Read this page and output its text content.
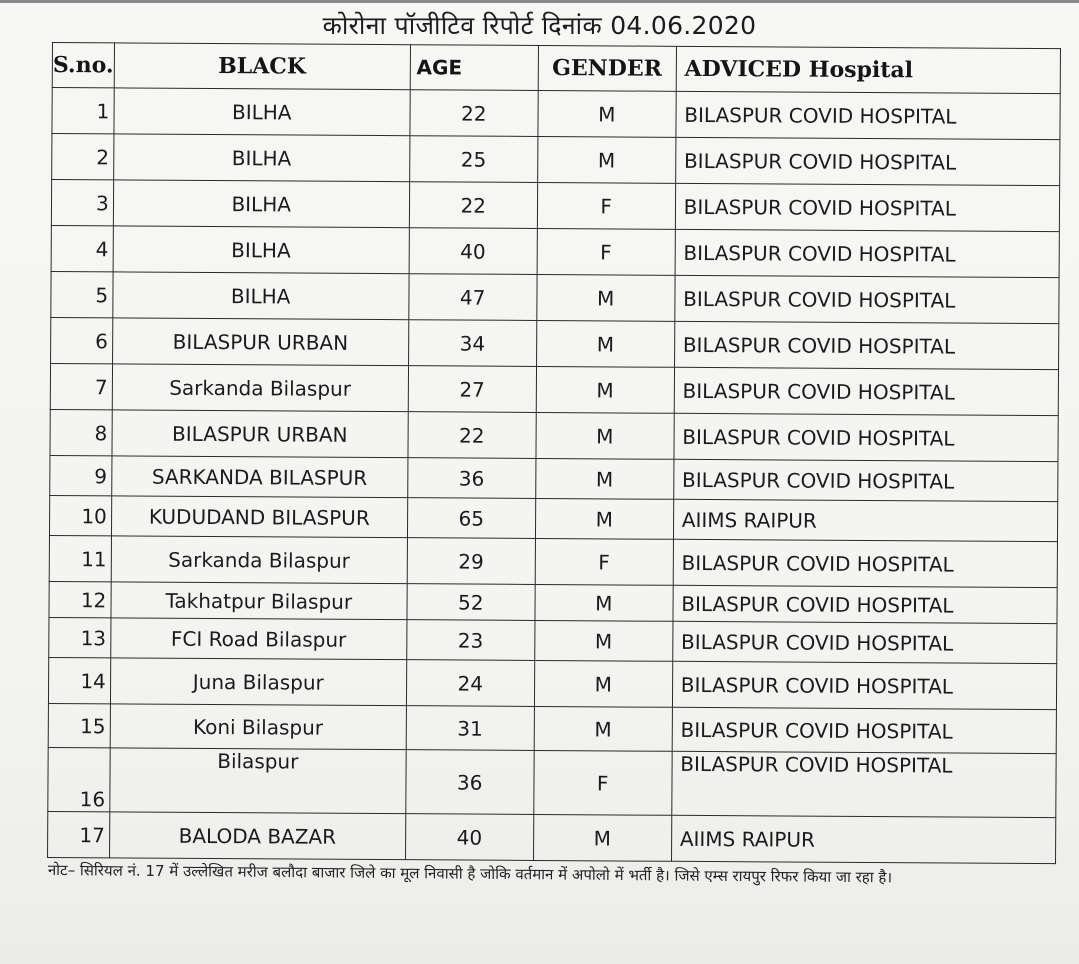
कोरोना पॉजीटिव रिपोर्ट दिनांक 04.06.2020
S.no.	BLACK	AGE	GENDER	ADVICED Hospital
1	BILHA	22	M	BILASPUR COVID HOSPITAL
2	BILHA	25	M	BILASPUR COVID HOSPITAL
3	BILHA	22	F	BILASPUR COVID HOSPITAL
4	BILHA	40	F	BILASPUR COVID HOSPITAL
5	BILHA	47	M	BILASPUR COVID HOSPITAL
6	BILASPUR URBAN	34	M	BILASPUR COVID HOSPITAL
7	Sarkanda Bilaspur	27	M	BILASPUR COVID HOSPITAL
8	BILASPUR URBAN	22	M	BILASPUR COVID HOSPITAL
9	SARKANDA BILASPUR	36	M	BILASPUR COVID HOSPITAL
10	KUDUDAND BILASPUR	65	M	AIIMS RAIPUR
11	Sarkanda Bilaspur	29	F	BILASPUR COVID HOSPITAL
12	Takhatpur Bilaspur	52	M	BILASPUR COVID HOSPITAL
13	FCI Road Bilaspur	23	M	BILASPUR COVID HOSPITAL
14	Juna Bilaspur	24	M	BILASPUR COVID HOSPITAL
15	Koni Bilaspur	31	M	BILASPUR COVID HOSPITAL
16	Bilaspur	36	F	BILASPUR COVID HOSPITAL
17	BALODA BAZAR	40	M	AIIMS RAIPUR
नोट– सिरियल नं. 17 में उल्लेखित मरीज बलौदा बाजार जिले का मूल निवासी है जोकि वर्तमान में अपोलो में भर्ती है। जिसे एम्स रायपुर रिफर किया जा रहा है।
